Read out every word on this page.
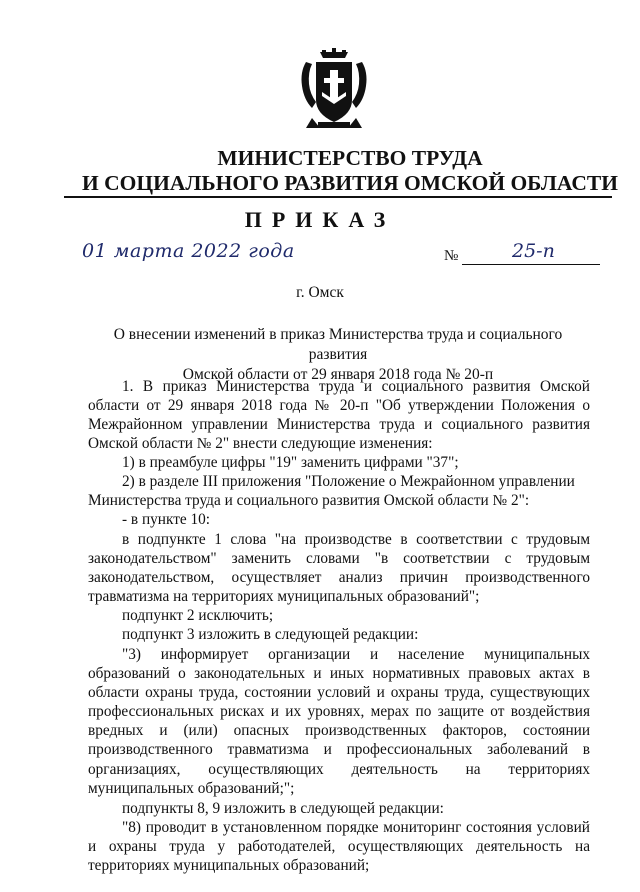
МИНИСТЕРСТВО ТРУДА
И СОЦИАЛЬНОГО РАЗВИТИЯ ОМСКОЙ ОБЛАСТИ
ПРИКАЗ
01 марта 2022 года	№	25-п
г. Омск
О внесении изменений в приказ Министерства труда и социального развития
Омской области от 29 января 2018 года № 20-п
1. В приказ Министерства труда и социального развития Омской
области от 29 января 2018 года № 20-п "Об утверждении Положения о
Межрайонном управлении Министерства труда и социального развития
Омской области № 2" внести следующие изменения:
1) в преамбуле цифры "19" заменить цифрами "37";
2) в разделе III приложения "Положение о Межрайонном управлении
Министерства труда и социального развития Омской области № 2":
- в пункте 10:
в подпункте 1 слова "на производстве в соответствии с трудовым
законодательством" заменить словами "в соответствии с трудовым
законодательством, осуществляет анализ причин производственного
травматизма на территориях муниципальных образований";
подпункт 2 исключить;
подпункт 3 изложить в следующей редакции:
"3) информирует организации и население муниципальных
образований о законодательных и иных нормативных правовых актах в
области охраны труда, состоянии условий и охраны труда, существующих
профессиональных рисках и их уровнях, мерах по защите от воздействия
вредных и (или) опасных производственных факторов, состоянии
производственного травматизма и профессиональных заболеваний в
организациях, осуществляющих деятельность на территориях
муниципальных образований;";
подпункты 8, 9 изложить в следующей редакции:
"8) проводит в установленном порядке мониторинг состояния условий
и охраны труда у работодателей, осуществляющих деятельность на
территориях муниципальных образований;
